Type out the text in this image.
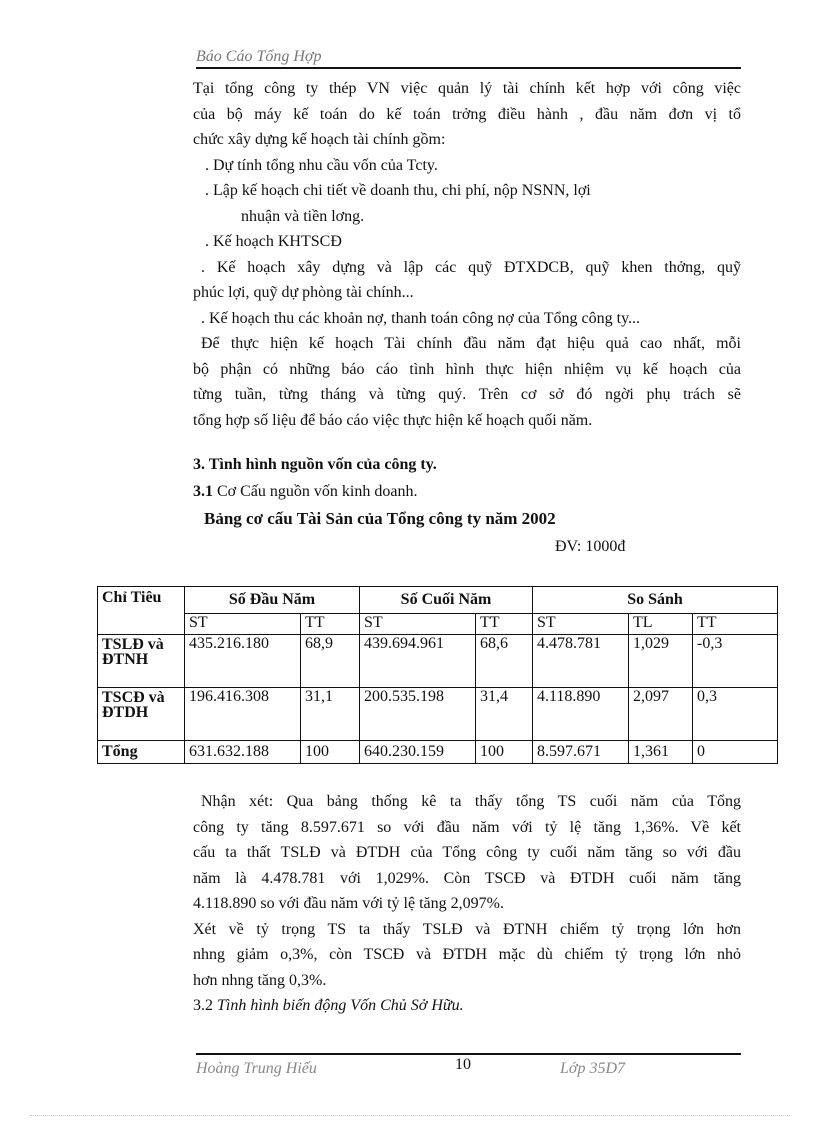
Báo Cáo Tổng Hợp

Tại tổng công ty thép VN việc quản lý tài chính kết hợp với công việc

của bộ máy kế toán do kế toán trởng điều hành , đầu năm đơn vị tổ

chức xây dựng kế hoạch tài chính gồm:

. Dự tính tổng nhu cầu vốn của Tcty.

. Lập kế hoạch chi tiết về doanh thu, chi phí, nộp NSNN, lợi

nhuận và tiền lơng.

. Kế hoạch KHTSCĐ

. Kế hoạch xây dựng và lập các quỹ ĐTXDCB, quỹ khen thởng, quỹ

phúc lợi, quỹ dự phòng tài chính...

. Kế hoạch thu các khoản nợ, thanh toán công nợ của Tổng công ty...

Để thực hiện kế hoạch Tài chính đầu năm đạt hiệu quả cao nhất, mỗi

bộ phận có những báo cáo tình hình thực hiện nhiệm vụ kế hoạch của

từng tuần, từng tháng và từng quý. Trên cơ sở đó ngời phụ trách sẽ

tổng hợp số liệu để báo cáo việc thực hiện kế hoạch quối năm.

3. Tình hình nguồn vốn của công ty.
3.1 Cơ Cấu nguồn vốn kinh doanh.
Bảng cơ cấu Tài Sản của Tổng công ty năm 2002
ĐV: 1000đ
Chỉ Tiêu	Số Đầu Năm		Số Cuối Năm		So Sánh		
	ST	TT	ST	TT	ST	TL	TT
TSLĐ và ĐTNH	435.216.180	68,9	439.694.961	68,6	4.478.781	1,029	-0,3
TSCĐ và ĐTDH	196.416.308	31,1	200.535.198	31,4	4.118.890	2,097	0,3
Tổng	631.632.188	100	640.230.159	100	8.597.671	1,361	0

Nhận xét: Qua bảng thống kê ta thấy tổng TS cuối năm của Tổng

công ty tăng 8.597.671 so với đầu năm với tỷ lệ tăng 1,36%. Về kết

cấu ta thất TSLĐ và ĐTDH của Tổng công ty cuối năm tăng so với đầu

năm là 4.478.781 với 1,029%. Còn TSCĐ và ĐTDH cuối năm tăng

4.118.890 so với đầu năm với tỷ lệ tăng 2,097%.

Xét về tỷ trọng TS ta thấy TSLĐ và ĐTNH chiếm tỷ trọng lớn hơn

nhng giảm o,3%, còn TSCĐ và ĐTDH mặc dù chiếm tỷ trọng lớn nhỏ

hơn nhng tăng 0,3%.

3.2 Tình hình biến động Vốn Chủ Sở Hữu.

Hoàng Trung Hiếu	10	Lớp 35D7
